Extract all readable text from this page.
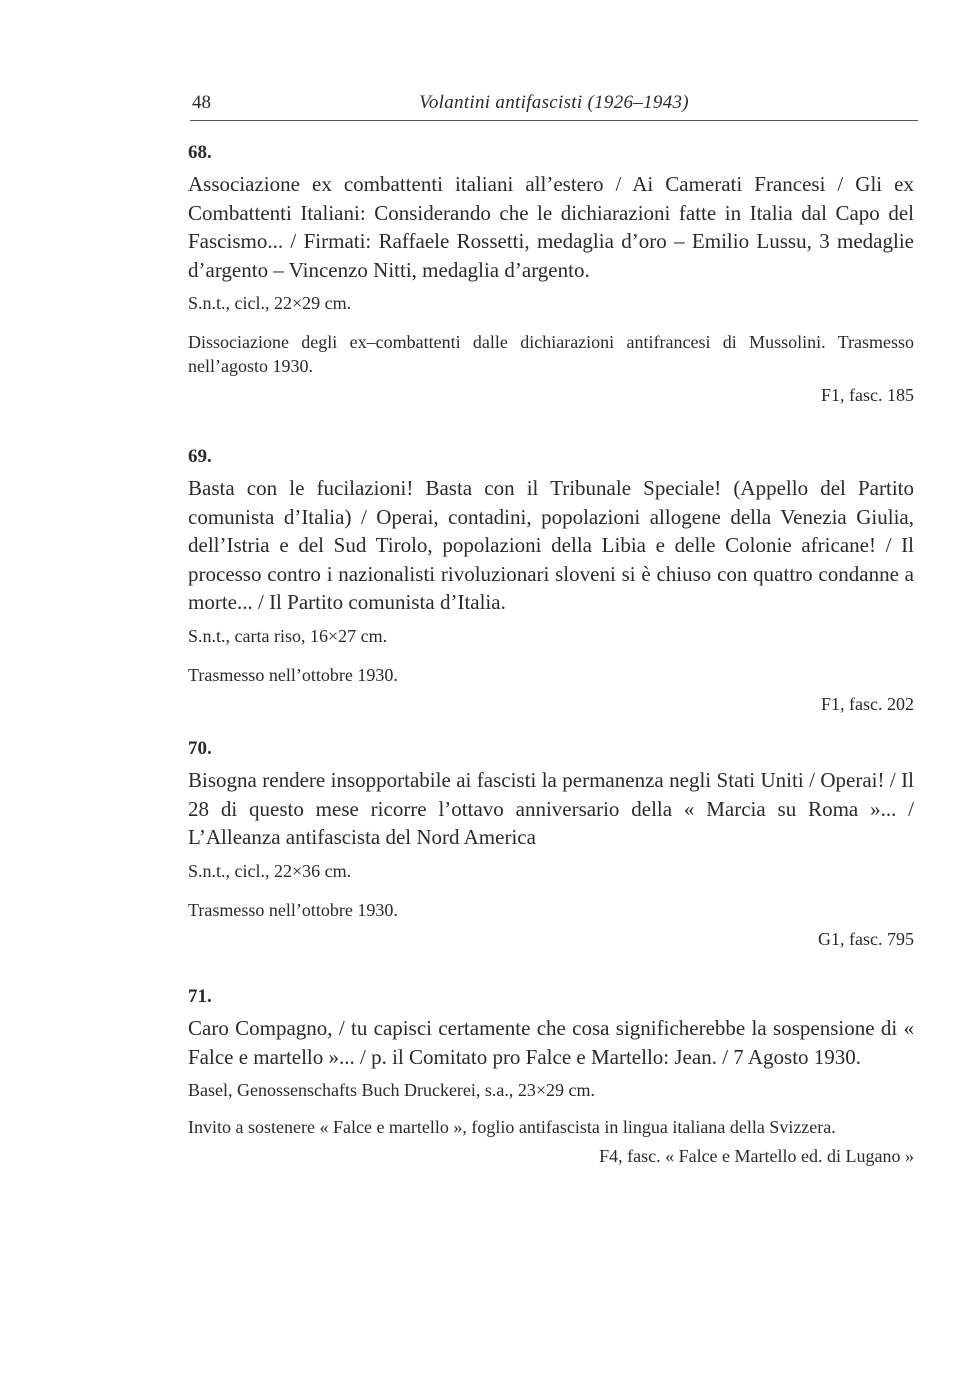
48	Volantini antifascisti (1926–1943)
68.

Associazione ex combattenti italiani all’estero / Ai Camerati Francesi / Gli ex Combattenti Italiani: Considerando che le dichiarazioni fatte in Italia dal Capo del Fascismo... / Firmati: Raffaele Rossetti, medaglia d’oro – Emilio Lussu, 3 medaglie d’argento – Vincenzo Nitti, medaglia d’argento.

S.n.t., cicl., 22×29 cm.
Dissociazione degli ex–combattenti dalle dichiarazioni antifrancesi di Mussolini. Trasmesso nell’agosto 1930.
F1, fasc. 185
69.

Basta con le fucilazioni! Basta con il Tribunale Speciale! (Appello del Partito comunista d’Italia) / Operai, contadini, popolazioni allogene della Venezia Giulia, dell’Istria e del Sud Tirolo, popolazioni della Libia e delle Colonie africane! / Il processo contro i nazionalisti rivoluzionari sloveni si è chiuso con quattro condanne a morte... / Il Partito comunista d’Italia.

S.n.t., carta riso, 16×27 cm.
Trasmesso nell’ottobre 1930.
F1, fasc. 202
70.

Bisogna rendere insopportabile ai fascisti la permanenza negli Stati Uniti / Operai! / Il 28 di questo mese ricorre l’ottavo anniversario della « Marcia su Roma »... / L’Alleanza antifascista del Nord America

S.n.t., cicl., 22×36 cm.
Trasmesso nell’ottobre 1930.
G1, fasc. 795
71.

Caro Compagno, / tu capisci certamente che cosa significherebbe la sospensione di « Falce e martello »... / p. il Comitato pro Falce e Martello: Jean. / 7 Agosto 1930.

Basel, Genossenschafts Buch Druckerei, s.a., 23×29 cm.
Invito a sostenere « Falce e martello », foglio antifascista in lingua italiana della Svizzera.
F4, fasc. « Falce e Martello ed. di Lugano »
